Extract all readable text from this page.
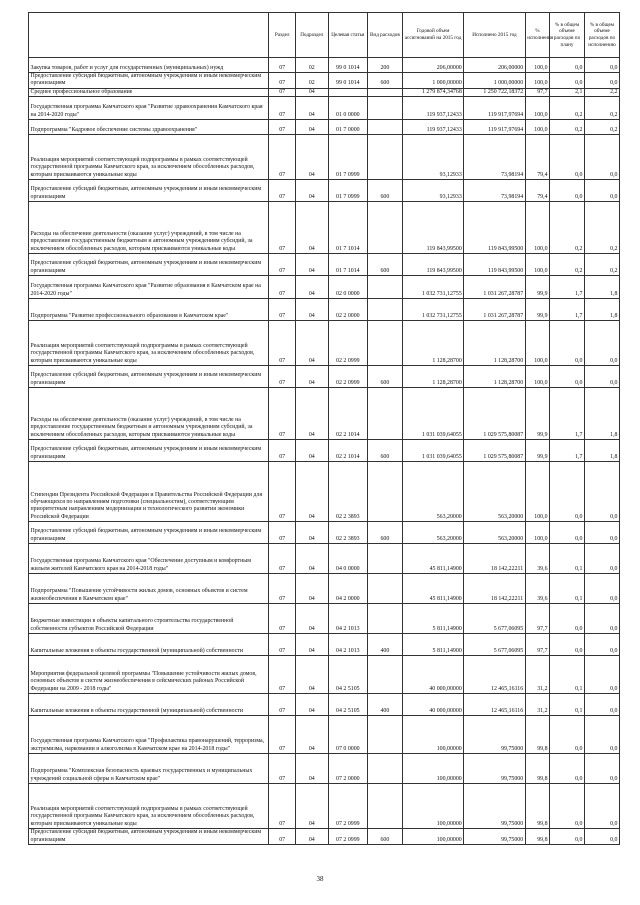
		Раздел	Подраздел	Целевая статья	Вид расходов	Годовой объем ассигнований на 2015 год	Исполнено 2015 год	% исполнения	% в общем объеме расходов по плану	% в общем объеме расходов по исполнению
	Закупка товаров, работ и услуг для государственных (муниципальных) нужд	07	02	99 0 1014	200	206,00000	206,00000	100,0	0,0	0,0
	Предоставление субсидий бюджетным, автономным учреждениям и иным некоммерческим организациям	07	02	99 0 1014	600	1 000,00000	1 000,00000	100,0	0,0	0,0
	Среднее профессиональное образование	07	04			1 279 874,34768	1 250 722,18372	97,7	2,1	2,2
	Государственная программа Камчатского края "Развитие здравоохранения Камчатского края на 2014-2020 годы"	07	04	01 0 0000		119 937,12433	119 917,97694	100,0	0,2	0,2
	Подпрограмма "Кадровое обеспечение системы здравоохранения"	07	04	01 7 0000		119 937,12433	119 917,97694	100,0	0,2	0,2
	Реализация мероприятий соответствующей подпрограммы в рамках соответствующей государственной программы Камчатского края, за исключением обособленных расходов, которым присваиваются уникальные коды	07	04	01 7 0999		93,12933	73,98194	79,4	0,0	0,0
	Предоставление субсидий бюджетным, автономным учреждениям и иным некоммерческим организациям	07	04	01 7 0999	600	93,12933	73,98194	79,4	0,0	0,0
	Расходы на обеспечение деятельности (оказание услуг) учреждений, в том числе на предоставление государственным бюджетным и автономным учреждениям субсидий, за исключением обособленных расходов, которым присваиваются уникальные коды	07	04	01 7 1014		119 843,99500	119 843,99500	100,0	0,2	0,2
	Предоставление субсидий бюджетным, автономным учреждениям и иным некоммерческим организациям	07	04	01 7 1014	600	119 843,99500	119 843,99500	100,0	0,2	0,2
	Государственная программа Камчатского края "Развитие образования в Камчатском крае на 2014-2020 годы"	07	04	02 0 0000		1 032 731,12755	1 031 267,28787	99,9	1,7	1,8
	Подпрограмма "Развитие профессионального образования в Камчатском крае"	07	04	02 2 0000		1 032 731,12755	1 031 267,28787	99,9	1,7	1,8
	Реализация мероприятий соответствующей подпрограммы в рамках соответствующей государственной программы Камчатского края, за исключением обособленных расходов, которым присваиваются уникальные коды	07	04	02 2 0999		1 128,28700	1 128,28700	100,0	0,0	0,0
	Предоставление субсидий бюджетным, автономным учреждениям и иным некоммерческим организациям	07	04	02 2 0999	600	1 128,28700	1 128,28700	100,0	0,0	0,0
	Расходы на обеспечение деятельности (оказание услуг) учреждений, в том числе на предоставление государственным бюджетным и автономным учреждениям субсидий, за исключением обособленных расходов, которым присваиваются уникальные коды	07	04	02 2 1014		1 031 039,64055	1 029 575,80087	99,9	1,7	1,8
	Предоставление субсидий бюджетным, автономным учреждениям и иным некоммерческим организациям	07	04	02 2 1014	600	1 031 039,64055	1 029 575,80087	99,9	1,7	1,8
	Стипендии Президента Российской Федерации и Правительства Российской Федерации для обучающихся по направлениям подготовки (специальностям), соответствующим приоритетным направлениям модернизации и технологического развития экономики Российской Федерации	07	04	02 2 3893		563,20000	563,20000	100,0	0,0	0,0
	Предоставление субсидий бюджетным, автономным учреждениям и иным некоммерческим организациям	07	04	02 2 3893	600	563,20000	563,20000	100,0	0,0	0,0
	Государственная программа Камчатского края "Обеспечение доступным и комфортным жильем жителей Камчатского края на 2014-2018 годы"	07	04	04 0 0000		45 811,14900	18 142,22211	39,6	0,1	0,0
	Подпрограмма "Повышение устойчивости жилых домов, основных объектов и систем жизнеобеспечения в Камчатском крае"	07	04	04 2 0000		45 811,14900	18 142,22211	39,6	0,1	0,0
	Бюджетные инвестиции в объекты капитального строительства государственной собственности субъектов Российской Федерации	07	04	04 2 1013		5 811,14900	5 677,06095	97,7	0,0	0,0
	Капитальные вложения в объекты государственной (муниципальной) собственности	07	04	04 2 1013	400	5 811,14900	5 677,06095	97,7	0,0	0,0
	Мероприятия федеральной целевой программы "Повышение устойчивости жилых домов, основных объектов и систем жизнеобеспечения в сейсмических районах Российской Федерации на 2009 - 2018 годы"	07	04	04 2 5105		40 000,00000	12 465,16116	31,2	0,1	0,0
	Капитальные вложения в объекты государственной (муниципальной) собственности	07	04	04 2 5105	400	40 000,00000	12 465,16116	31,2	0,1	0,0
	Государственная программа Камчатского края "Профилактика правонарушений, терроризма, экстремизма, наркомании и алкоголизма в Камчатском крае на 2014-2018 годы"	07	04	07 0 0000		100,00000	99,75000	99,8	0,0	0,0
	Подпрограмма "Комплексная безопасность краевых государственных и муниципальных учреждений социальной сферы в Камчатском крае"	07	04	07 2 0000		100,00000	99,75000	99,8	0,0	0,0
	Реализация мероприятий соответствующей подпрограммы в рамках соответствующей государственной программы Камчатского края, за исключением обособленных расходов, которым присваиваются уникальные коды	07	04	07 2 0999		100,00000	99,75000	99,8	0,0	0,0
	Предоставление субсидий бюджетным, автономным учреждениям и иным некоммерческим организациям	07	04	07 2 0999	600	100,00000	99,75000	99,8	0,0	0,0
38
